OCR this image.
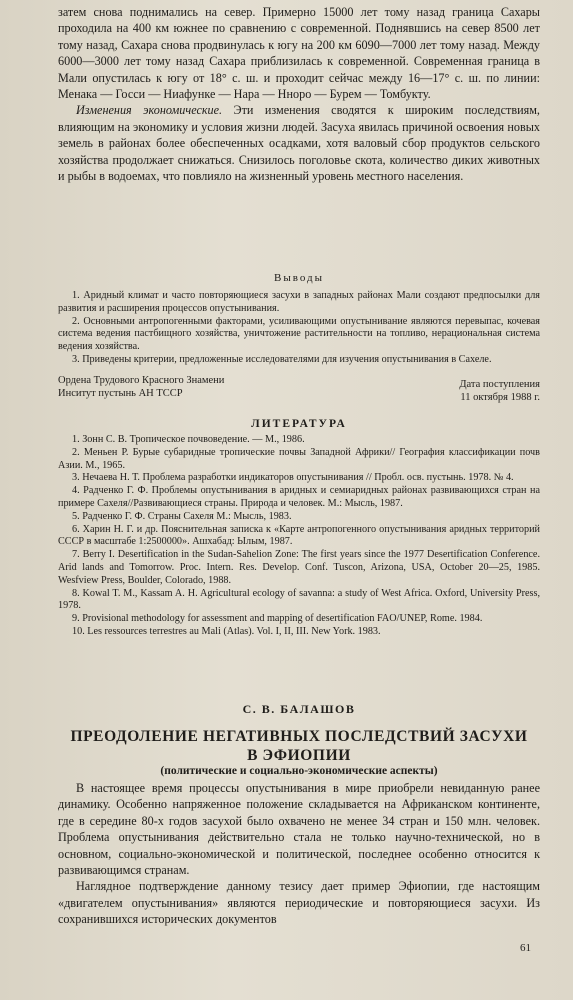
затем снова поднимались на север. Примерно 15000 лет тому назад граница Сахары проходила на 400 км южнее по сравнению с современной. Поднявшись на север 8500 лет тому назад, Сахара снова продвинулась к югу на 200 км 6090—7000 лет тому назад. Между 6000—3000 лет тому назад Сахара приблизилась к современной. Современная граница в Мали опустилась к югу от 18° с. ш. и проходит сейчас между 16—17° с. ш. по линии: Менака — Госси — Ниафунке — Нара — Нноро — Бурем — Томбукту.

Изменения экономические. Эти изменения сводятся к широким последствиям, влияющим на экономику и условия жизни людей. Засуха явилась причиной освоения новых земель в районах более обеспеченных осадками, хотя валовый сбор продуктов сельского хозяйства продолжает снижаться. Снизилось поголовье скота, количество диких животных и рыбы в водоемах, что повлияло на жизненный уровень местного населения.

Выводы

1. Аридный климат и часто повторяющиеся засухи в западных районах Мали создают предпосылки для развития и расширения процессов опустынивания.

2. Основными антропогенными факторами, усиливающими опустынивание являются перевыпас, кочевая система ведения пастбищного хозяйства, уничтожение растительности на топливо, нерациональная система ведения хозяйства.

3. Приведены критерии, предложенные исследователями для изучения опустынивания в Сахеле.

Ордена Трудового Красного Знамени
Инситут пустынь АН ТССР
Дата поступления
11 октября 1988 г.

ЛИТЕРАТУРА

1. Зонн С. В. Тропическое почвоведение. — М., 1986.

2. Меньен Р. Бурые субаридные тропические почвы Западной Африки// География классификации почв Азии. М., 1965.

3. Нечаева Н. Т. Проблема разработки индикаторов опустынивания // Пробл. осв. пустынь. 1978. № 4.

4. Радченко Г. Ф. Проблемы опустынивания в аридных и семиаридных районах развивающихся стран на примере Сахеля//Развивающиеся страны. Природа и человек. М.: Мысль, 1987.

5. Радченко Г. Ф. Страны Сахеля М.: Мысль, 1983.

6. Харин Н. Г. и др. Пояснительная записка к «Карте антропогенного опустынивания аридных территорий СССР в масштабе 1:2500000». Ашхабад: Ылым, 1987.

7. Berry I. Desertification in the Sudan-Sahelion Zone: The first years since the 1977 Desertification Conference. Arid lands and Tomorrow. Proc. Intern. Res. Develop. Conf. Tuscon, Arizona, USA, October 20—25, 1985. Wesfview Press, Boulder, Colorado, 1988.

8. Kowal T. M., Kassam A. H. Agricultural ecology of savanna: a study of West Africa. Oxford, University Press, 1978.

9. Provisional methodology for assessment and mapping of desertification FAO/UNEP, Rome. 1984.

10. Les ressources terrestres au Mali (Atlas). Vol. I, II, III. New York. 1983.

С. В. БАЛАШОВ
ПРЕОДОЛЕНИЕ НЕГАТИВНЫХ ПОСЛЕДСТВИЙ ЗАСУХИ
В ЭФИОПИИ
(политические и социально-экономические аспекты)

В настоящее время процессы опустынивания в мире приобрели невиданную ранее динамику. Особенно напряженное положение складывается на Африканском континенте, где в середине 80-х годов засухой было охвачено не менее 34 стран и 150 млн. человек. Проблема опустынивания действительно стала не только научно-технической, но в основном, социально-экономической и политической, последнее особенно относится к развивающимся странам.

Наглядное подтверждение данному тезису дает пример Эфиопии, где настоящим «двигателем опустынивания» являются периодические и повторяющиеся засухи. Из сохранившихся исторических документов

61
